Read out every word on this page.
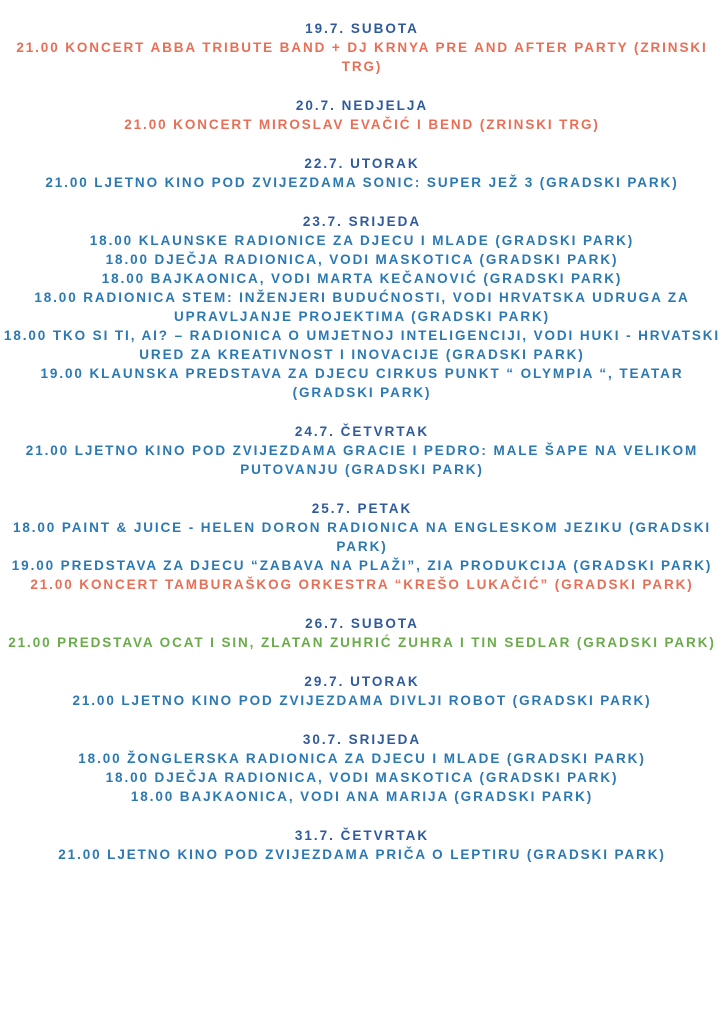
19.7. SUBOTA
21.00 KONCERT ABBA TRIBUTE BAND + DJ KRNYA PRE AND AFTER PARTY (ZRINSKI TRG)
20.7. NEDJELJA
21.00 KONCERT MIROSLAV EVAČIĆ I BEND (ZRINSKI TRG)
22.7. UTORAK
21.00 LJETNO KINO POD ZVIJEZDAMA SONIC: SUPER JEŽ 3 (GRADSKI PARK)
23.7. SRIJEDA
18.00 KLAUNSKE RADIONICE ZA DJECU I MLADE (GRADSKI PARK)
18.00 DJEČJA RADIONICA, VODI MASKOTICA (GRADSKI PARK)
18.00 BAJKAONICA, VODI MARTA KEČANOVIĆ (GRADSKI PARK)
18.00 RADIONICA STEM: INŽENJERI BUDUĆNOSTI, VODI HRVATSKA UDRUGA ZA UPRAVLJANJE PROJEKTIMA (GRADSKI PARK)
18.00 TKO SI TI, AI? – RADIONICA O UMJETNOJ INTELIGENCIJI, VODI HUKI - HRVATSKI URED ZA KREATIVNOST I INOVACIJE (GRADSKI PARK)
19.00 KLAUNSKA PREDSTAVA ZA DJECU CIRKUS PUNKT “ OLYMPIA “, TEATAR (GRADSKI PARK)
24.7. ČETVRTAK
21.00 LJETNO KINO POD ZVIJEZDAMA GRACIE I PEDRO: MALE ŠAPE NA VELIKOM PUTOVANJU (GRADSKI PARK)
25.7. PETAK
18.00 PAINT & JUICE - HELEN DORON RADIONICA NA ENGLESKOM JEZIKU (GRADSKI PARK)
19.00 PREDSTAVA ZA DJECU “ZABAVA NA PLAŽI”, ZIA PRODUKCIJA (GRADSKI PARK)
21.00 KONCERT TAMBURAŠKOG ORKESTRA “KREŠO LUKAČIĆ” (GRADSKI PARK)
26.7. SUBOTA
21.00 PREDSTAVA OCAT I SIN, ZLATAN ZUHRIĆ ZUHRA I TIN SEDLAR (GRADSKI PARK)
29.7. UTORAK
21.00 LJETNO KINO POD ZVIJEZDAMA DIVLJI ROBOT (GRADSKI PARK)
30.7. SRIJEDA
18.00 ŽONGLERSKA RADIONICA ZA DJECU I MLADE (GRADSKI PARK)
18.00 DJEČJA RADIONICA, VODI MASKOTICA (GRADSKI PARK)
18.00 BAJKAONICA, VODI ANA MARIJA (GRADSKI PARK)
31.7. ČETVRTAK
21.00 LJETNO KINO POD ZVIJEZDAMA PRIČA O LEPTIRU (GRADSKI PARK)
